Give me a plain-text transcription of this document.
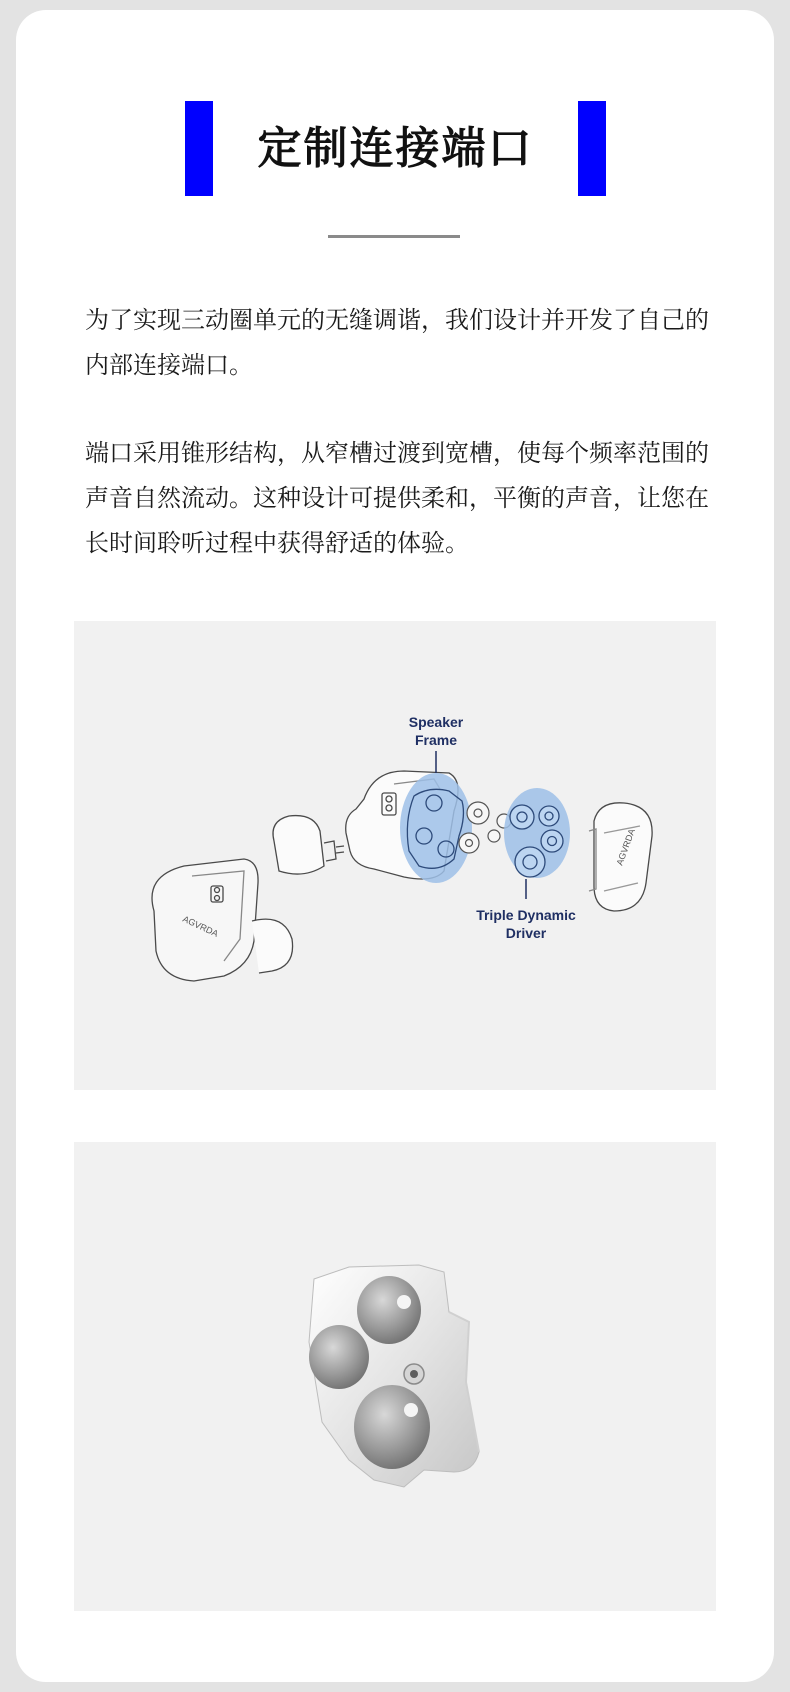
定制连接端口

为了实现三动圈单元的无缝调谐，我们设计并开发了自己的内部连接端口。

端口采用锥形结构，从窄槽过渡到宽槽，使每个频率范围的声音自然流动。这种设计可提供柔和，平衡的声音，让您在长时间聆听过程中获得舒适的体验。

AGVRDA
AGVRDA
Speaker
Frame
Triple Dynamic
Driver
